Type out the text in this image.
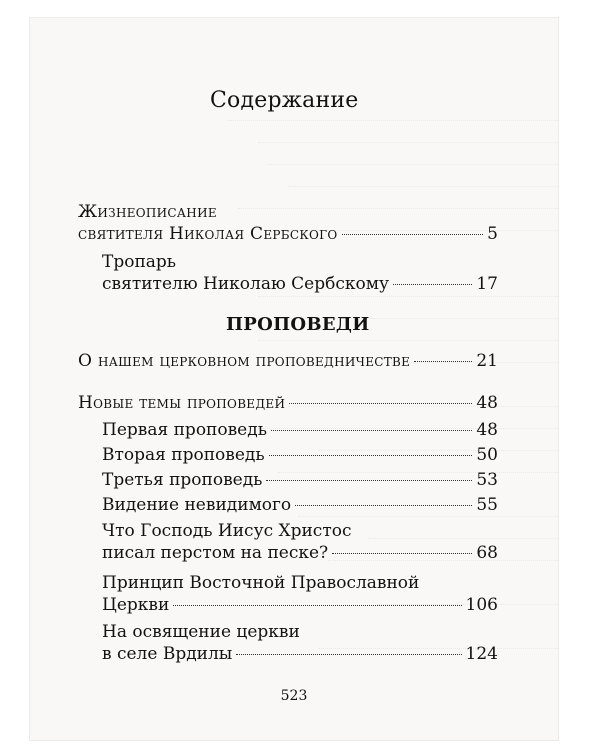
Содержание
Жизнеописание
святителя Николая Сербского	5
Тропарь
святителю Николаю Сербскому	17
ПРОПОВЕДИ
О нашем церковном проповедничестве	21
Новые темы проповедей	48
Первая проповедь	48
Вторая проповедь	50
Третья проповедь	53
Видение невидимого	55
Что Господь Иисус Христос
писал перстом на песке?	68
Принцип Восточной Православной
Церкви	106
На освящение церкви
в селе Врдилы	124
523
